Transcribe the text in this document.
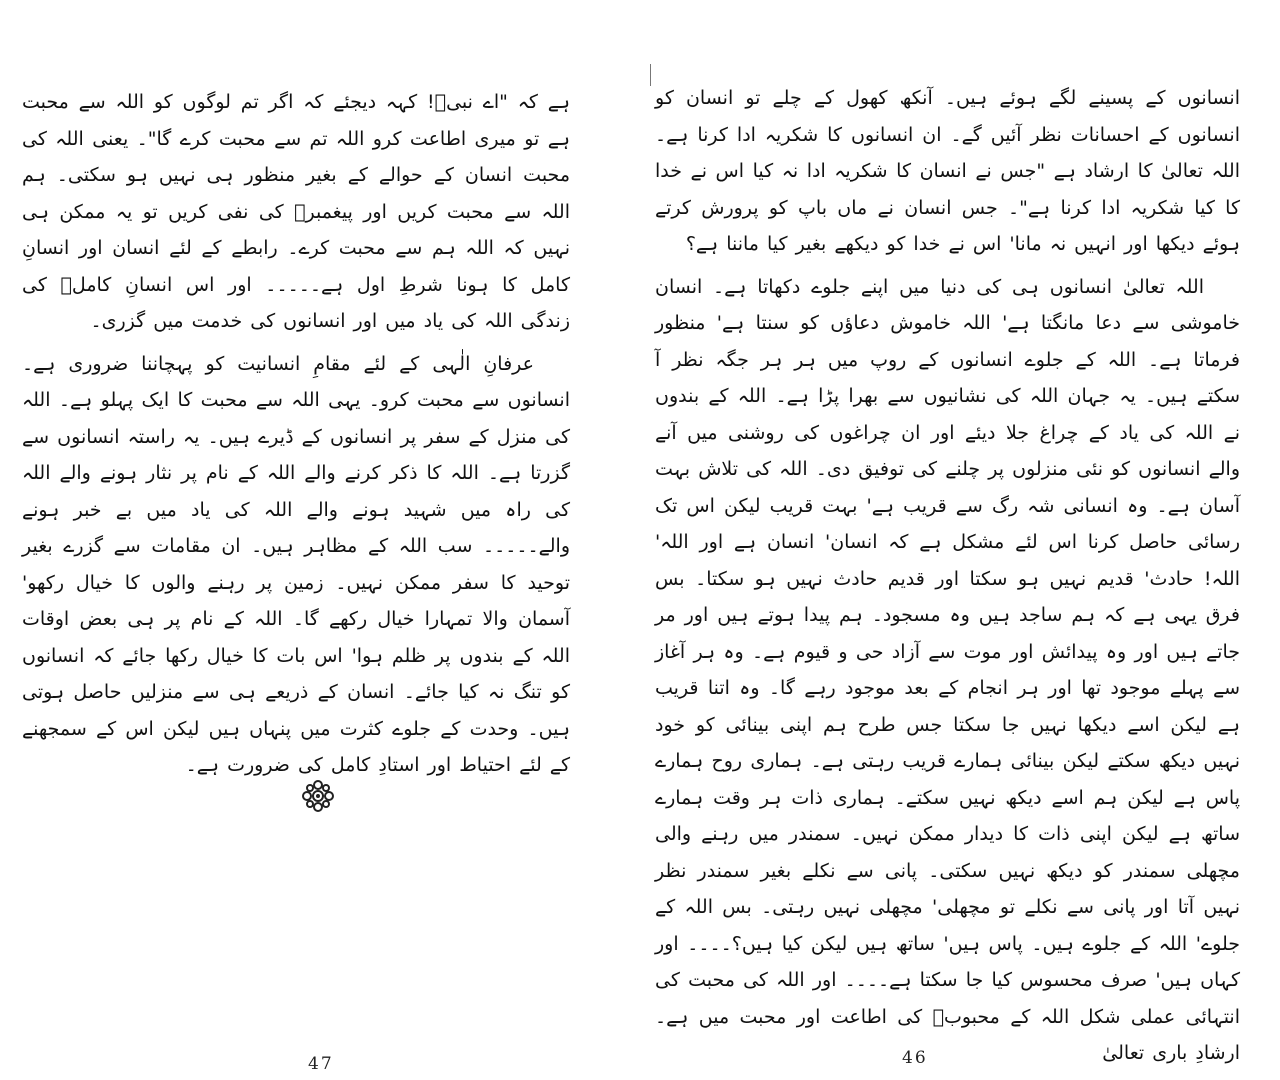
ہے کہ "اے نبیؐ! کہہ دیجئے کہ اگر تم لوگوں کو اللہ سے محبت ہے تو میری اطاعت کرو اللہ تم سے محبت کرے گا"۔ یعنی اللہ کی محبت انسان کے حوالے کے بغیر منظور ہی نہیں ہو سکتی۔ ہم اللہ سے محبت کریں اور پیغمبرؐ کی نفی کریں تو یہ ممکن ہی نہیں کہ اللہ ہم سے محبت کرے۔ رابطے کے لئے انسان اور انسانِ کامل کا ہونا شرطِ اول ہے۔۔۔۔۔ اور اس انسانِ کاملؐ کی زندگی اللہ کی یاد میں اور انسانوں کی خدمت میں گزری۔

عرفانِ الٰہی کے لئے مقامِ انسانیت کو پہچاننا ضروری ہے۔ انسانوں سے محبت کرو۔ یہی اللہ سے محبت کا ایک پہلو ہے۔ اللہ کی منزل کے سفر پر انسانوں کے ڈیرے ہیں۔ یہ راستہ انسانوں سے گزرتا ہے۔ اللہ کا ذکر کرنے والے اللہ کے نام پر نثار ہونے والے اللہ کی راہ میں شہید ہونے والے اللہ کی یاد میں بے خبر ہونے والے۔۔۔۔۔ سب اللہ کے مظاہر ہیں۔ ان مقامات سے گزرے بغیر توحید کا سفر ممکن نہیں۔ زمین پر رہنے والوں کا خیال رکھو' آسمان والا تمہارا خیال رکھے گا۔ اللہ کے نام پر ہی بعض اوقات اللہ کے بندوں پر ظلم ہوا' اس بات کا خیال رکھا جائے کہ انسانوں کو تنگ نہ کیا جائے۔ انسان کے ذریعے ہی سے منزلیں حاصل ہوتی ہیں۔ وحدت کے جلوے کثرت میں پنہاں ہیں لیکن اس کے سمجھنے کے لئے احتیاط اور استادِ کامل کی ضرورت ہے۔

47

انسانوں کے پسینے لگے ہوئے ہیں۔ آنکھ کھول کے چلے تو انسان کو انسانوں کے احسانات نظر آئیں گے۔ ان انسانوں کا شکریہ ادا کرنا ہے۔ اللہ تعالیٰ کا ارشاد ہے "جس نے انسان کا شکریہ ادا نہ کیا اس نے خدا کا کیا شکریہ ادا کرنا ہے"۔ جس انسان نے ماں باپ کو پرورش کرتے ہوئے دیکھا اور انہیں نہ مانا' اس نے خدا کو دیکھے بغیر کیا ماننا ہے؟

اللہ تعالیٰ انسانوں ہی کی دنیا میں اپنے جلوے دکھاتا ہے۔ انسان خاموشی سے دعا مانگتا ہے' اللہ خاموش دعاؤں کو سنتا ہے' منظور فرماتا ہے۔ اللہ کے جلوے انسانوں کے روپ میں ہر ہر جگہ نظر آ سکتے ہیں۔ یہ جہان اللہ کی نشانیوں سے بھرا پڑا ہے۔ اللہ کے بندوں نے اللہ کی یاد کے چراغ جلا دیئے اور ان چراغوں کی روشنی میں آنے والے انسانوں کو نئی منزلوں پر چلنے کی توفیق دی۔ اللہ کی تلاش بہت آسان ہے۔ وہ انسانی شہ رگ سے قریب ہے' بہت قریب لیکن اس تک رسائی حاصل کرنا اس لئے مشکل ہے کہ انسان' انسان ہے اور اللہ' اللہ! حادث' قدیم نہیں ہو سکتا اور قدیم حادث نہیں ہو سکتا۔ بس فرق یہی ہے کہ ہم ساجد ہیں وہ مسجود۔ ہم پیدا ہوتے ہیں اور مر جاتے ہیں اور وہ پیدائش اور موت سے آزاد حی و قیوم ہے۔ وہ ہر آغاز سے پہلے موجود تھا اور ہر انجام کے بعد موجود رہے گا۔ وہ اتنا قریب ہے لیکن اسے دیکھا نہیں جا سکتا جس طرح ہم اپنی بینائی کو خود نہیں دیکھ سکتے لیکن بینائی ہمارے قریب رہتی ہے۔ ہماری روح ہمارے پاس ہے لیکن ہم اسے دیکھ نہیں سکتے۔ ہماری ذات ہر وقت ہمارے ساتھ ہے لیکن اپنی ذات کا دیدار ممکن نہیں۔ سمندر میں رہنے والی مچھلی سمندر کو دیکھ نہیں سکتی۔ پانی سے نکلے بغیر سمندر نظر نہیں آتا اور پانی سے نکلے تو مچھلی' مچھلی نہیں رہتی۔ بس اللہ کے جلوے' اللہ کے جلوے ہیں۔ پاس ہیں' ساتھ ہیں لیکن کیا ہیں؟۔۔۔۔ اور کہاں ہیں' صرف محسوس کیا جا سکتا ہے۔۔۔۔ اور اللہ کی محبت کی انتہائی عملی شکل اللہ کے محبوبؐ کی اطاعت اور محبت میں ہے۔ ارشادِ باری تعالیٰ

46
